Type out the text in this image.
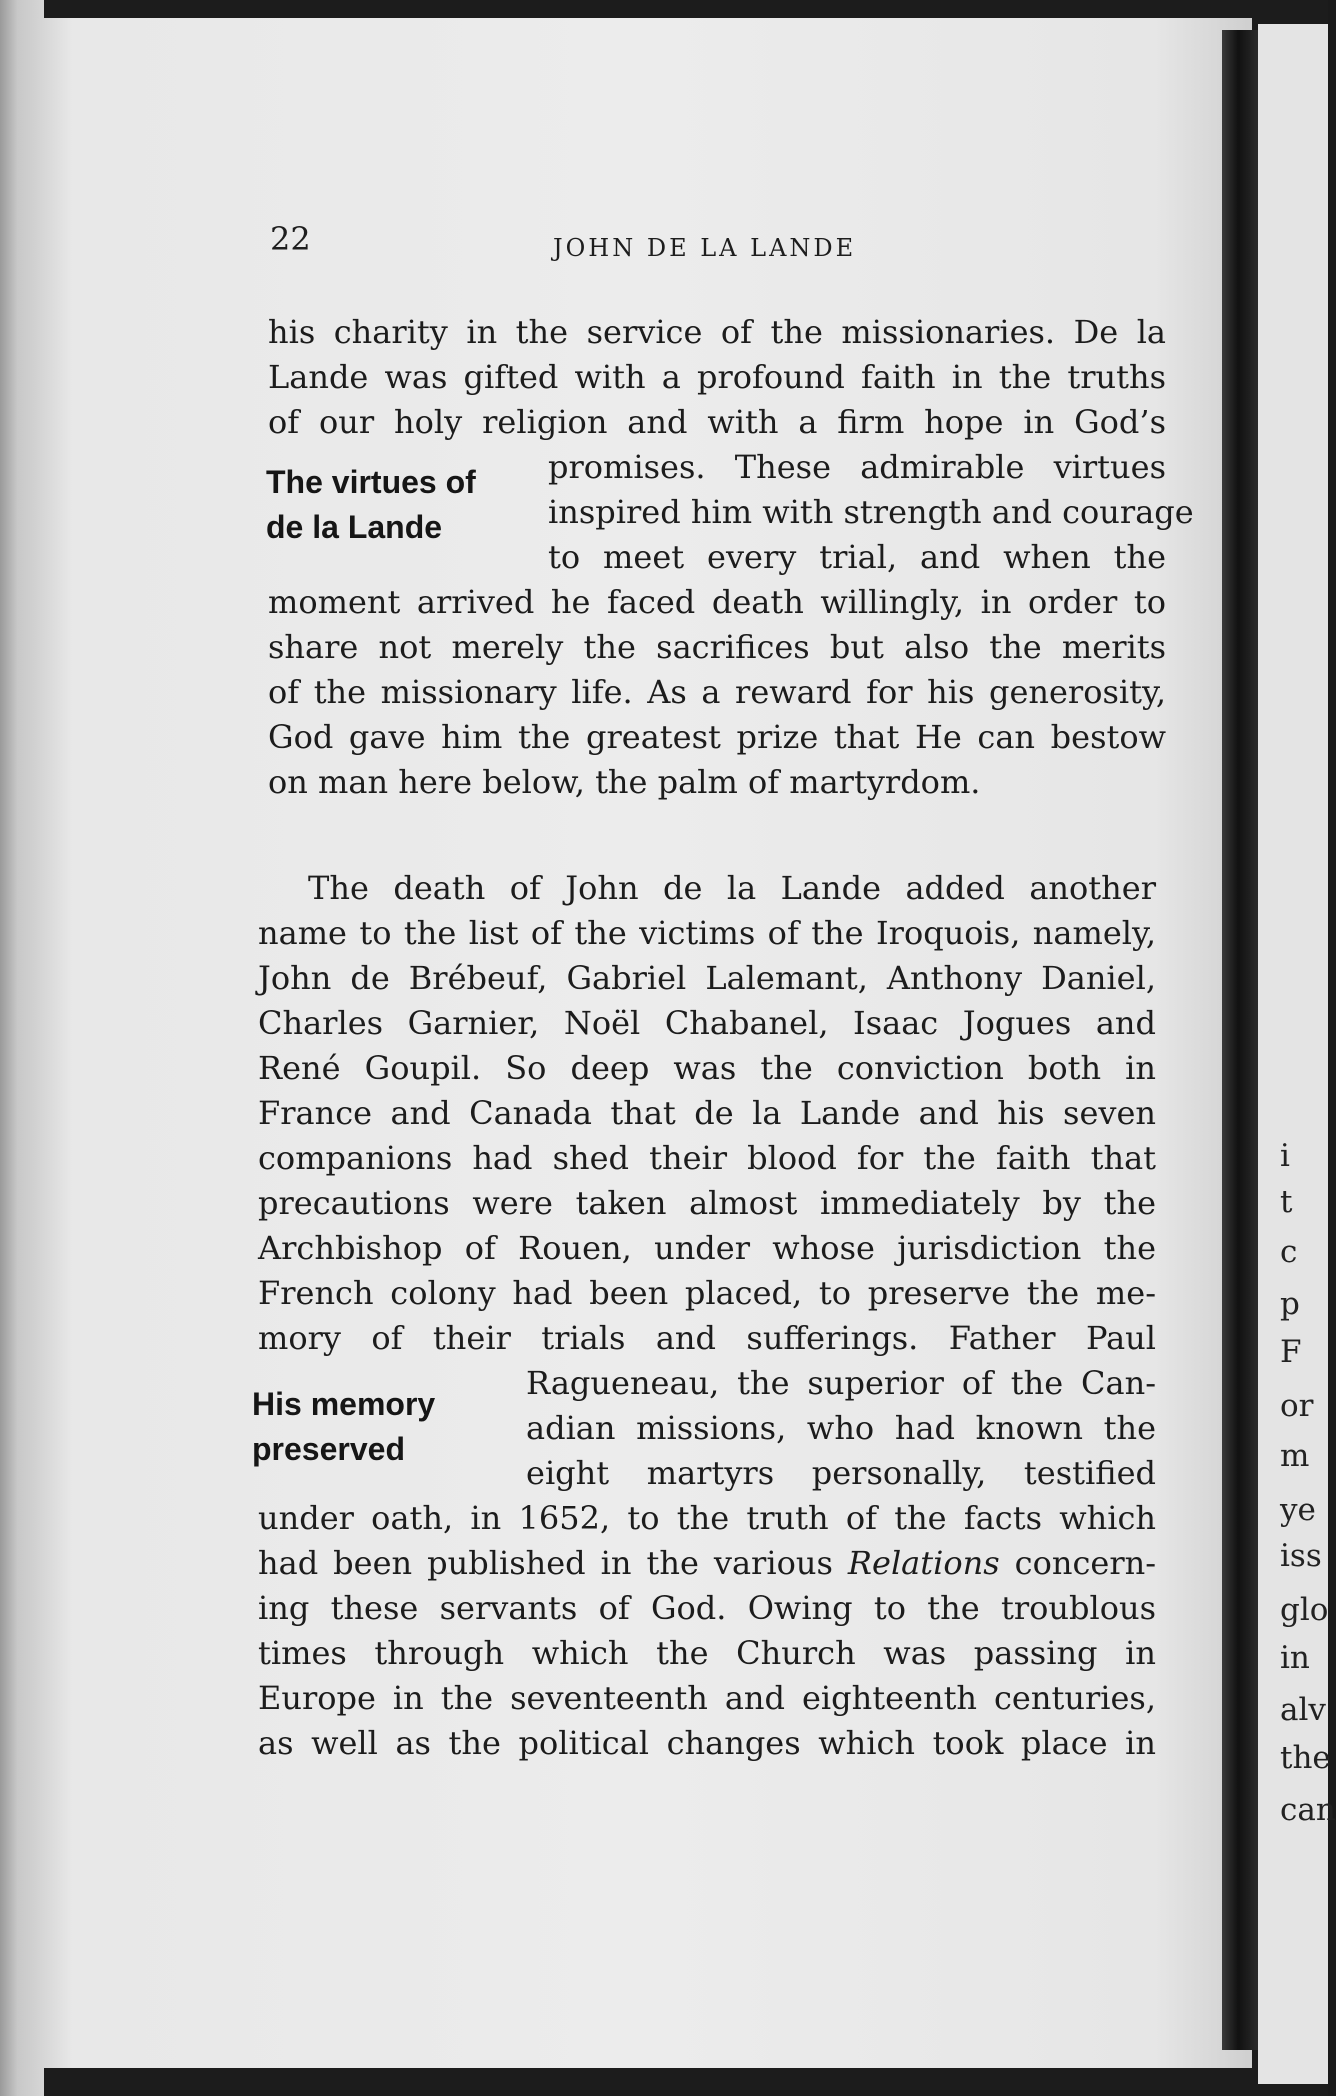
i
t
c
p
F
or
m
ye
iss
glo
in
alv
the
can
22	JOHN DE LA LANDE
The virtues of
de la Lande
His memory
preserved
his charity in the service of the missionaries. De la
Lande was gifted with a profound faith in the truths
of our holy religion and with a firm hope in God’s
promises. These admirable virtues
inspired him with strength and courage
to meet every trial, and when the
moment arrived he faced death willingly, in order to
share not merely the sacrifices but also the merits
of the missionary life. As a reward for his generosity,
God gave him the greatest prize that He can bestow
on man here below, the palm of martyrdom.
The death of John de la Lande added another
name to the list of the victims of the Iroquois, namely,
John de Brébeuf, Gabriel Lalemant, Anthony Daniel,
Charles Garnier, Noël Chabanel, Isaac Jogues and
René Goupil. So deep was the conviction both in
France and Canada that de la Lande and his seven
companions had shed their blood for the faith that
precautions were taken almost immediately by the
Archbishop of Rouen, under whose jurisdiction the
French colony had been placed, to preserve the me-
mory of their trials and sufferings. Father Paul
Ragueneau, the superior of the Can-
adian missions, who had known the
eight martyrs personally, testified
under oath, in 1652, to the truth of the facts which
had been published in the various Relations concern-
ing these servants of God. Owing to the troublous
times through which the Church was passing in
Europe in the seventeenth and eighteenth centuries,
as well as the political changes which took place in
